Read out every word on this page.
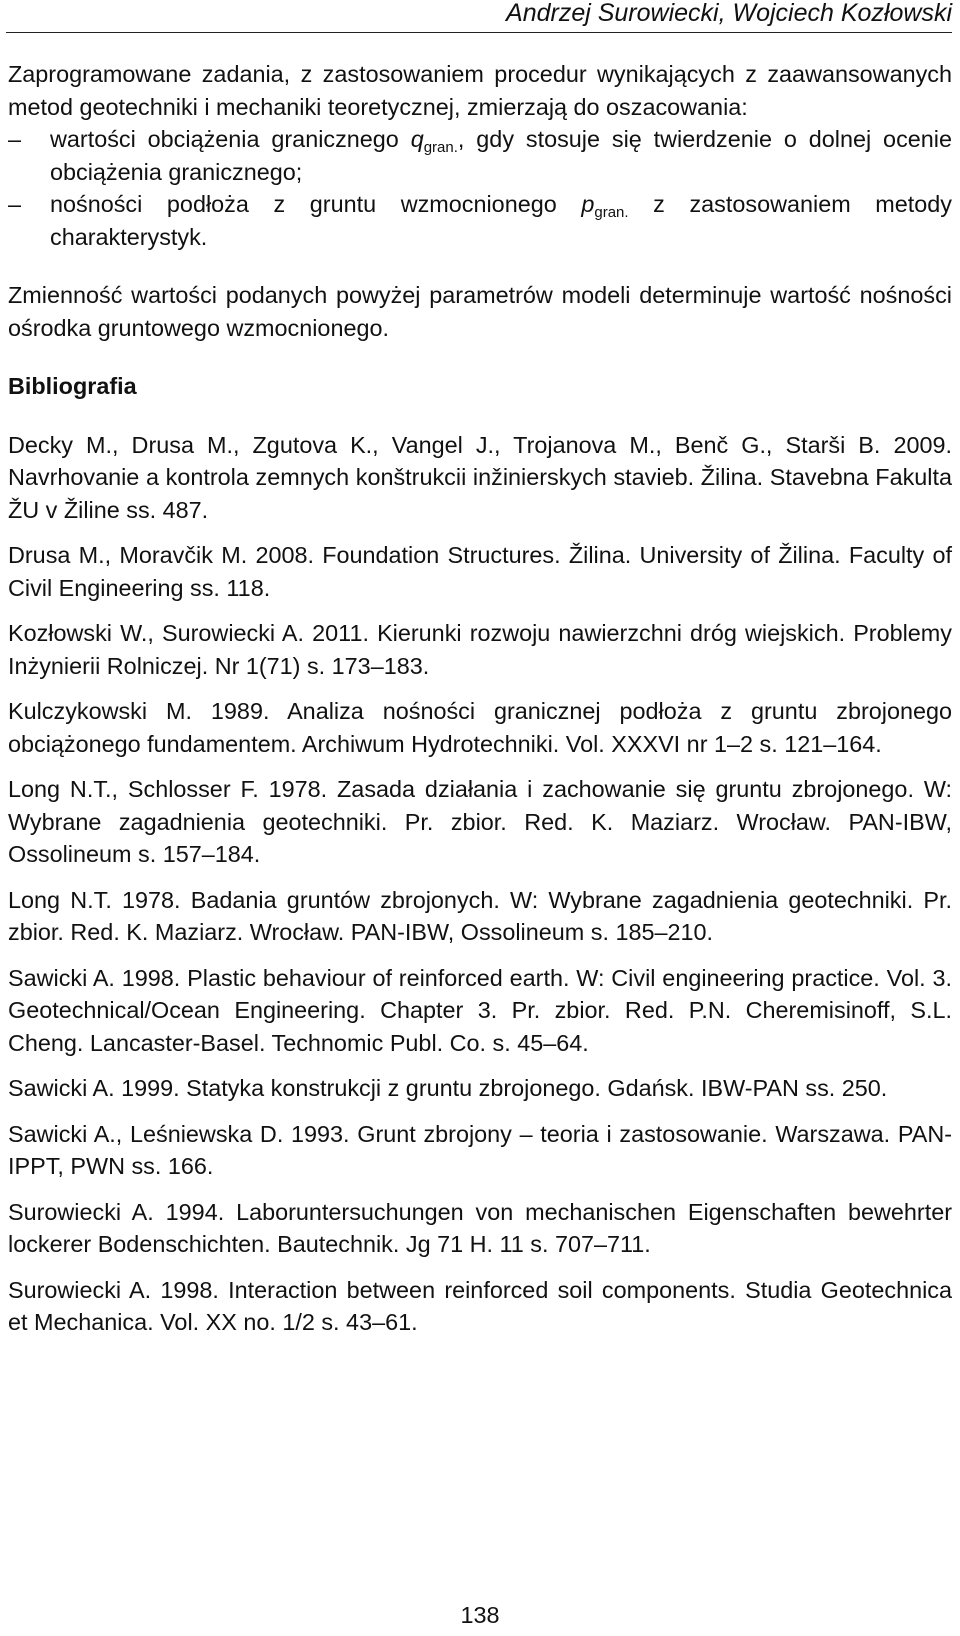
Andrzej Surowiecki, Wojciech Kozłowski

Zaprogramowane zadania, z zastosowaniem procedur wynikających z zaawansowanych metod geotechniki i mechaniki teoretycznej, zmierzają do oszacowania:

– wartości obciążenia granicznego $q_{gran.}$, gdy stosuje się twierdzenie o dolnej ocenie obciążenia granicznego;
– nośności podłoża z gruntu wzmocnionego $p_{gran.}$ z zastosowaniem metody charakterystyk.

Zmienność wartości podanych powyżej parametrów modeli determinuje wartość nośności ośrodka gruntowego wzmocnionego.

Bibliografia

Decky M., Drusa M., Zgutova K., Vangel J., Trojanova M., Benč G., Starši B. 2009. Navrhovanie a kontrola zemnych konštrukcii inžinierskych stavieb. Žilina. Stavebna Fakulta ŽU v Žiline ss. 487.

Drusa M., Moravčik M. 2008. Foundation Structures. Žilina. University of Žilina. Faculty of Civil Engineering ss. 118.

Kozłowski W., Surowiecki A. 2011. Kierunki rozwoju nawierzchni dróg wiejskich. Problemy Inżynierii Rolniczej. Nr 1(71) s. 173–183.

Kulczykowski M. 1989. Analiza nośności granicznej podłoża z gruntu zbrojonego obciążonego fundamentem. Archiwum Hydrotechniki. Vol. XXXVI nr 1–2 s. 121–164.

Long N.T., Schlosser F. 1978. Zasada działania i zachowanie się gruntu zbrojonego. W: Wybrane zagadnienia geotechniki. Pr. zbior. Red. K. Maziarz. Wrocław. PAN-IBW, Ossolineum s. 157–184.

Long N.T. 1978. Badania gruntów zbrojonych. W: Wybrane zagadnienia geotechniki. Pr. zbior. Red. K. Maziarz. Wrocław. PAN-IBW, Ossolineum s. 185–210.

Sawicki A. 1998. Plastic behaviour of reinforced earth. W: Civil engineering practice. Vol. 3. Geotechnical/Ocean Engineering. Chapter 3. Pr. zbior. Red. P.N. Cheremisinoff, S.L. Cheng. Lancaster-Basel. Technomic Publ. Co. s. 45–64.

Sawicki A. 1999. Statyka konstrukcji z gruntu zbrojonego. Gdańsk. IBW-PAN ss. 250.

Sawicki A., Leśniewska D. 1993. Grunt zbrojony – teoria i zastosowanie. Warszawa. PAN-IPPT, PWN ss. 166.

Surowiecki A. 1994. Laboruntersuchungen von mechanischen Eigenschaften bewehrter lockerer Bodenschichten. Bautechnik. Jg 71 H. 11 s. 707–711.

Surowiecki A. 1998. Interaction between reinforced soil components. Studia Geotechnica et Mechanica. Vol. XX no. 1/2 s. 43–61.

138
